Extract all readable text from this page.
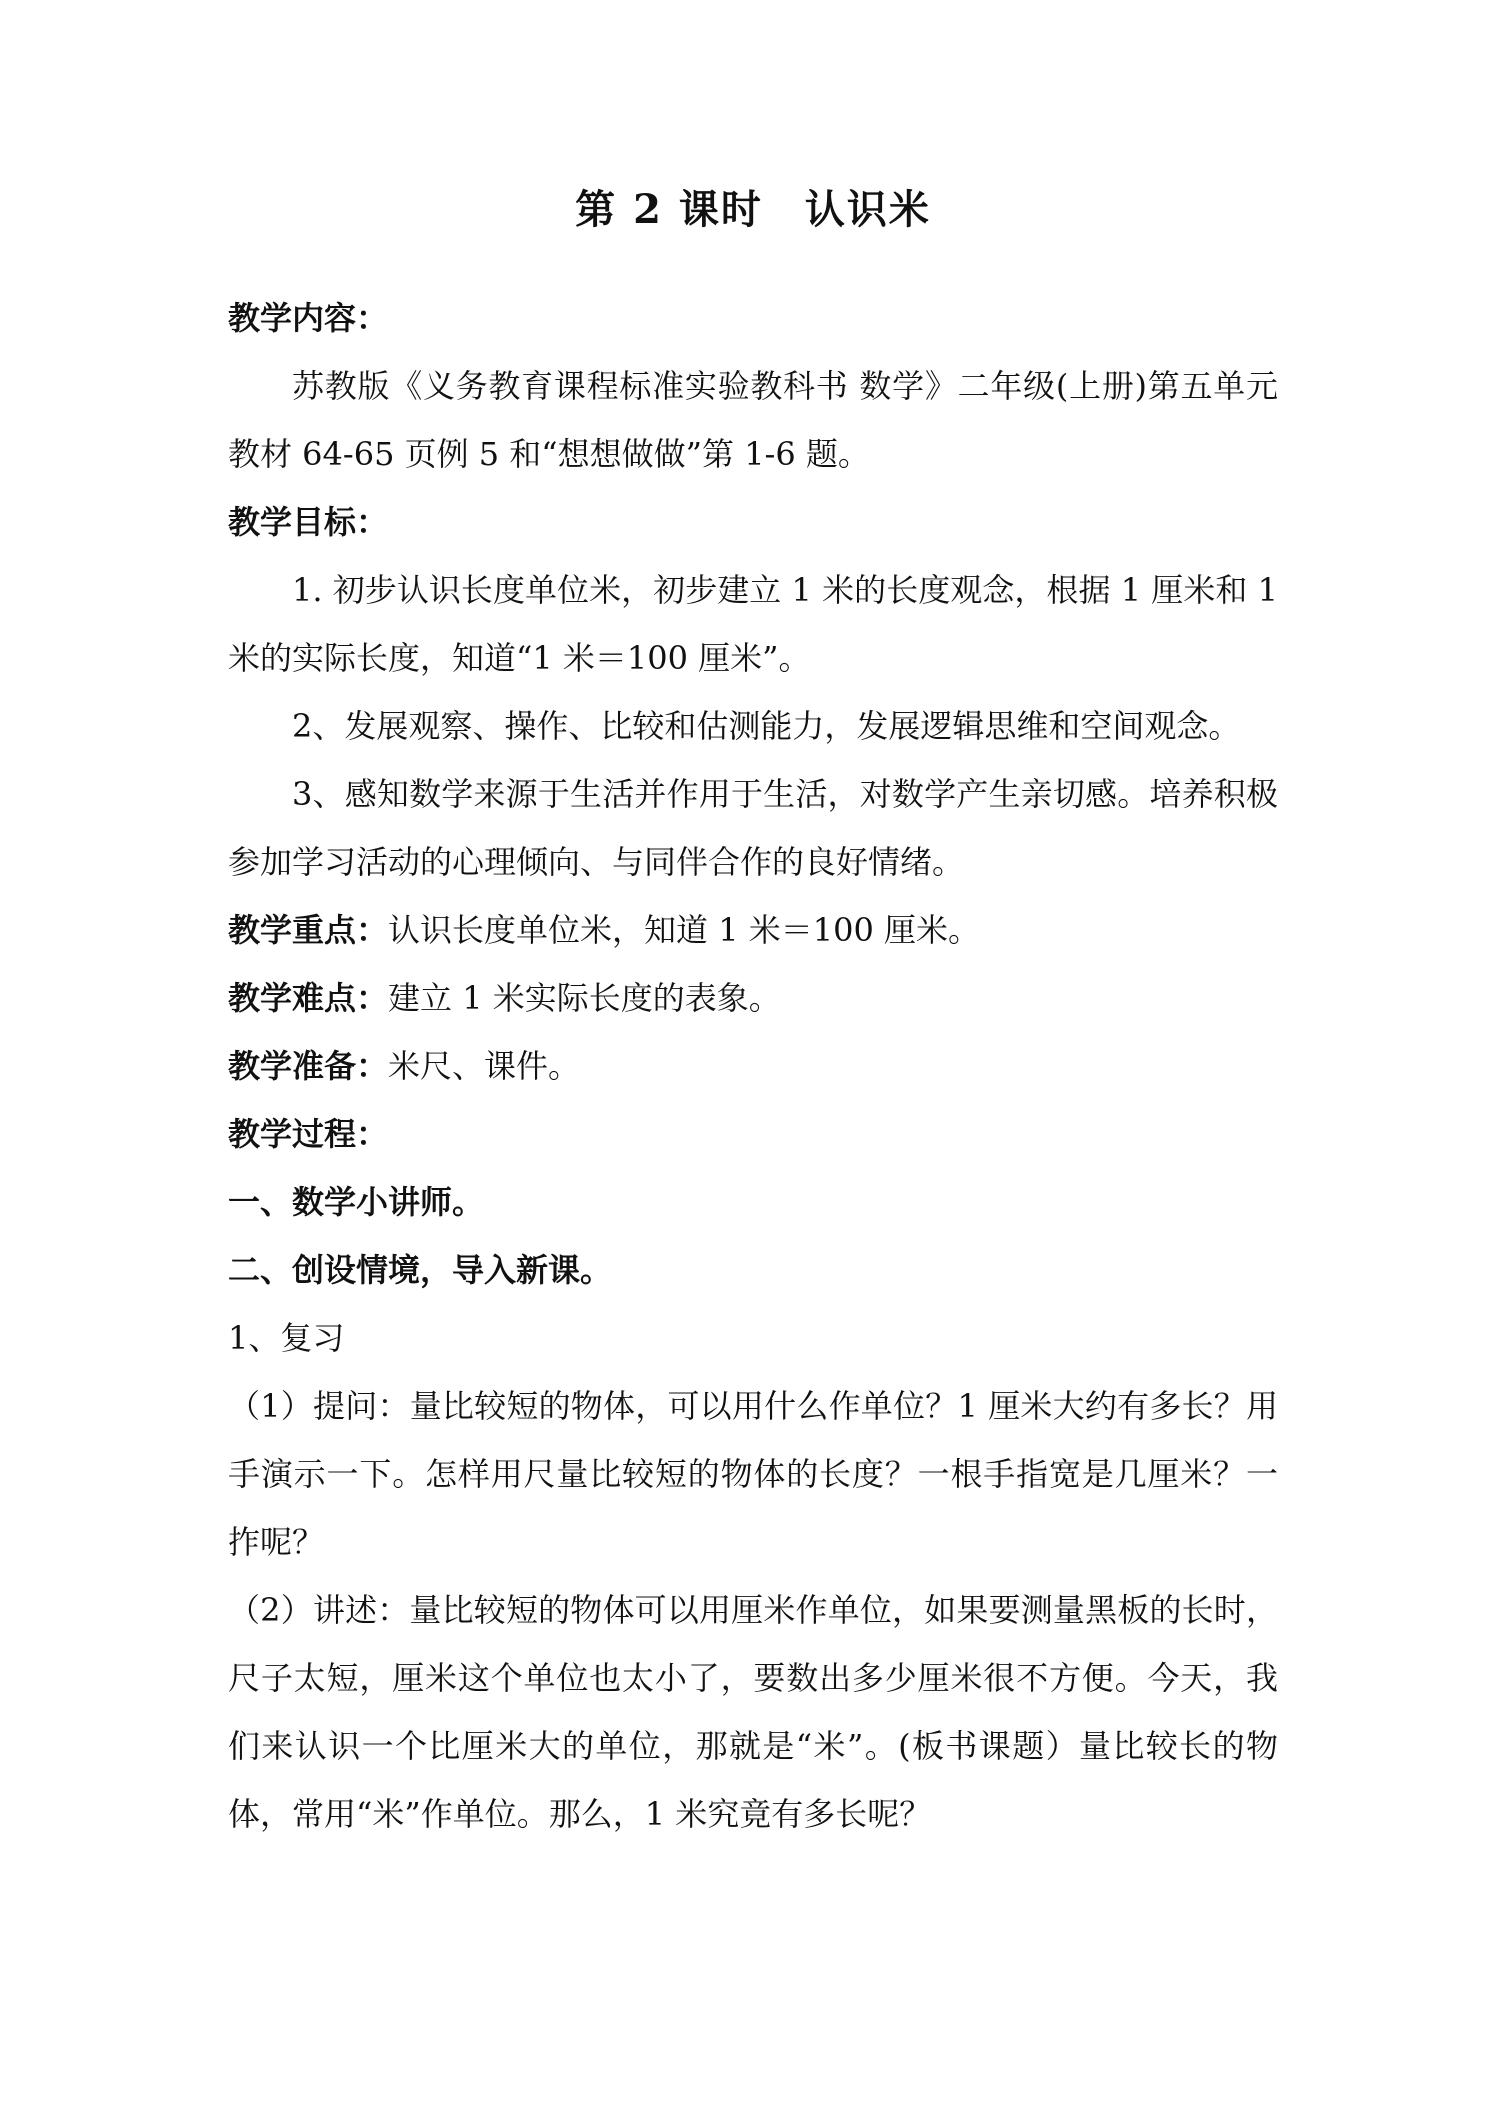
第 2 课时　认识米

教学内容：

苏教版《义务教育课程标准实验教科书 数学》二年级(上册)第五单元教材 64-65 页例 5 和“想想做做”第 1-6 题。

教学目标：

1. 初步认识长度单位米，初步建立 1 米的长度观念，根据 1 厘米和 1 米的实际长度，知道“1 米＝100 厘米”。

2、发展观察、操作、比较和估测能力，发展逻辑思维和空间观念。

3、感知数学来源于生活并作用于生活，对数学产生亲切感。培养积极参加学习活动的心理倾向、与同伴合作的良好情绪。

教学重点：认识长度单位米，知道 1 米＝100 厘米。

教学难点：建立 1 米实际长度的表象。

教学准备：米尺、课件。

教学过程：

一、数学小讲师。

二、创设情境，导入新课。

1、复习

（1）提问：量比较短的物体，可以用什么作单位？1 厘米大约有多长？用手演示一下。怎样用尺量比较短的物体的长度？一根手指宽是几厘米？一拃呢？

（2）讲述：量比较短的物体可以用厘米作单位，如果要测量黑板的长时，尺子太短，厘米这个单位也太小了，要数出多少厘米很不方便。今天，我们来认识一个比厘米大的单位，那就是“米”。(板书课题）量比较长的物体，常用“米”作单位。那么，1 米究竟有多长呢？
